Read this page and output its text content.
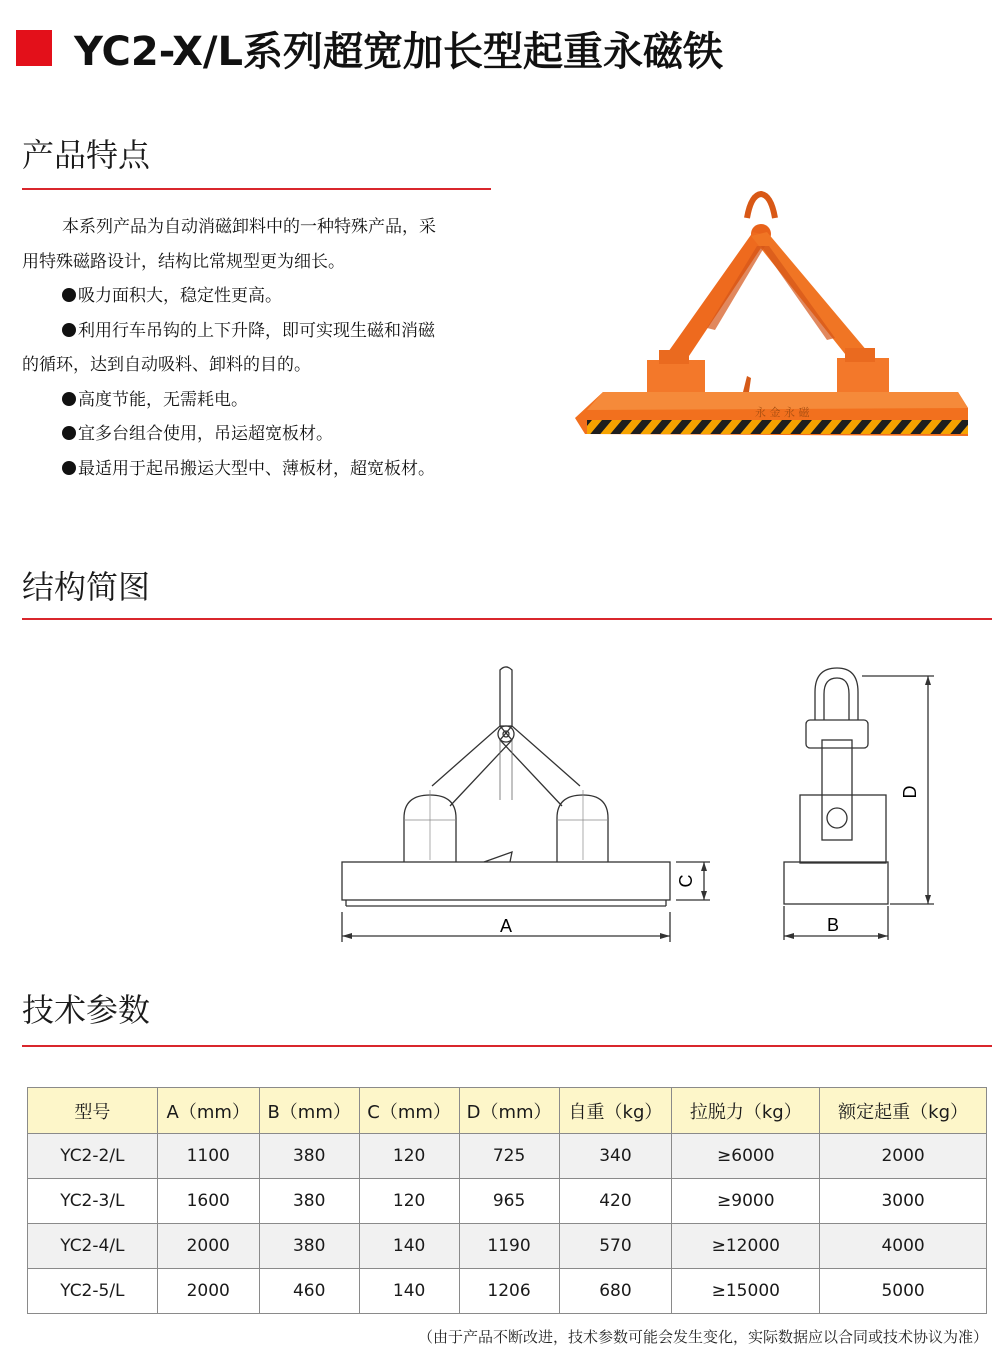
YC2-X/L系列超宽加长型起重永磁铁
产品特点

本系列产品为自动消磁卸料中的一种特殊产品，采

用特殊磁路设计，结构比常规型更为细长。

吸力面积大，稳定性更高。

利用行车吊钩的上下升降，即可实现生磁和消磁

的循环，达到自动吸料、卸料的目的。

高度节能，无需耗电。

宜多台组合使用，吊运超宽板材。

最适用于起吊搬运大型中、薄板材，超宽板材。

永 金 永 磁
结构简图
A	B
C
D
技术参数
型号	A（mm）	B（mm）	C（mm）	D（mm）	自重（kg）	拉脱力（kg）	额定起重（kg）
YC2-2/L	1100	380	120	725	340	≥6000	2000
YC2-3/L	1600	380	120	965	420	≥9000	3000
YC2-4/L	2000	380	140	1190	570	≥12000	4000
YC2-5/L	2000	460	140	1206	680	≥15000	5000
（由于产品不断改进，技术参数可能会发生变化，实际数据应以合同或技术协议为准）
